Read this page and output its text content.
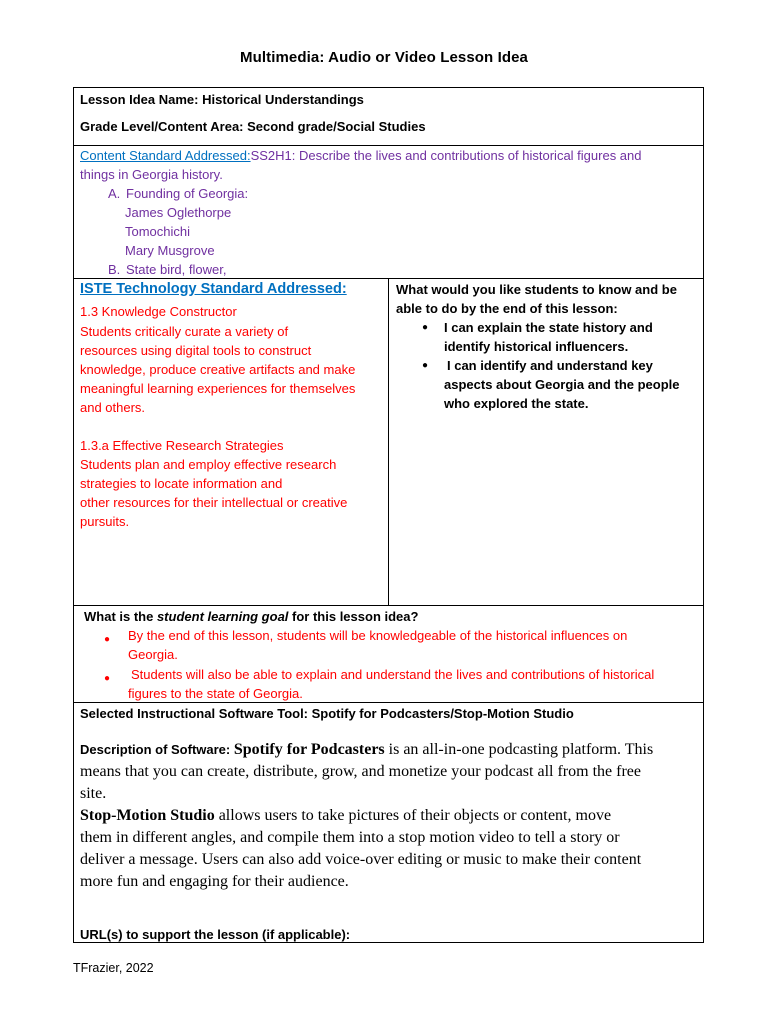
Multimedia: Audio or Video Lesson Idea
Lesson Idea Name: Historical Understandings
Grade Level/Content Area: Second grade/Social Studies
Content Standard Addressed:SS2H1: Describe the lives and contributions of historical figures and
things in Georgia history.
A. Founding of Georgia:
James Oglethorpe
Tomochichi
Mary Musgrove
B. State bird, flower,
ISTE Technology Standard Addressed:
1.3 Knowledge Constructor
Students critically curate a variety of
resources using digital tools to construct
knowledge, produce creative artifacts and make
meaningful learning experiences for themselves
and others.
1.3.a Effective Research Strategies
Students plan and employ effective research
strategies to locate information and
other resources for their intellectual or creative
pursuits.
What would you like students to know and be
able to do by the end of this lesson:
● I can explain the state history and
identify historical influencers.
● I can identify and understand key
aspects about Georgia and the people
who explored the state.
What is the student learning goal for this lesson idea?
● By the end of this lesson, students will be knowledgeable of the historical influences on
Georgia.
● Students will also be able to explain and understand the lives and contributions of historical
figures to the state of Georgia.
Selected Instructional Software Tool: Spotify for Podcasters/Stop-Motion Studio
Description of Software: Spotify for Podcasters is an all-in-one podcasting platform. This
means that you can create, distribute, grow, and monetize your podcast all from the free
site.
Stop-Motion Studio allows users to take pictures of their objects or content, move
them in different angles, and compile them into a stop motion video to tell a story or
deliver a message. Users can also add voice-over editing or music to make their content
more fun and engaging for their audience.
URL(s) to support the lesson (if applicable):
TFrazier, 2022
